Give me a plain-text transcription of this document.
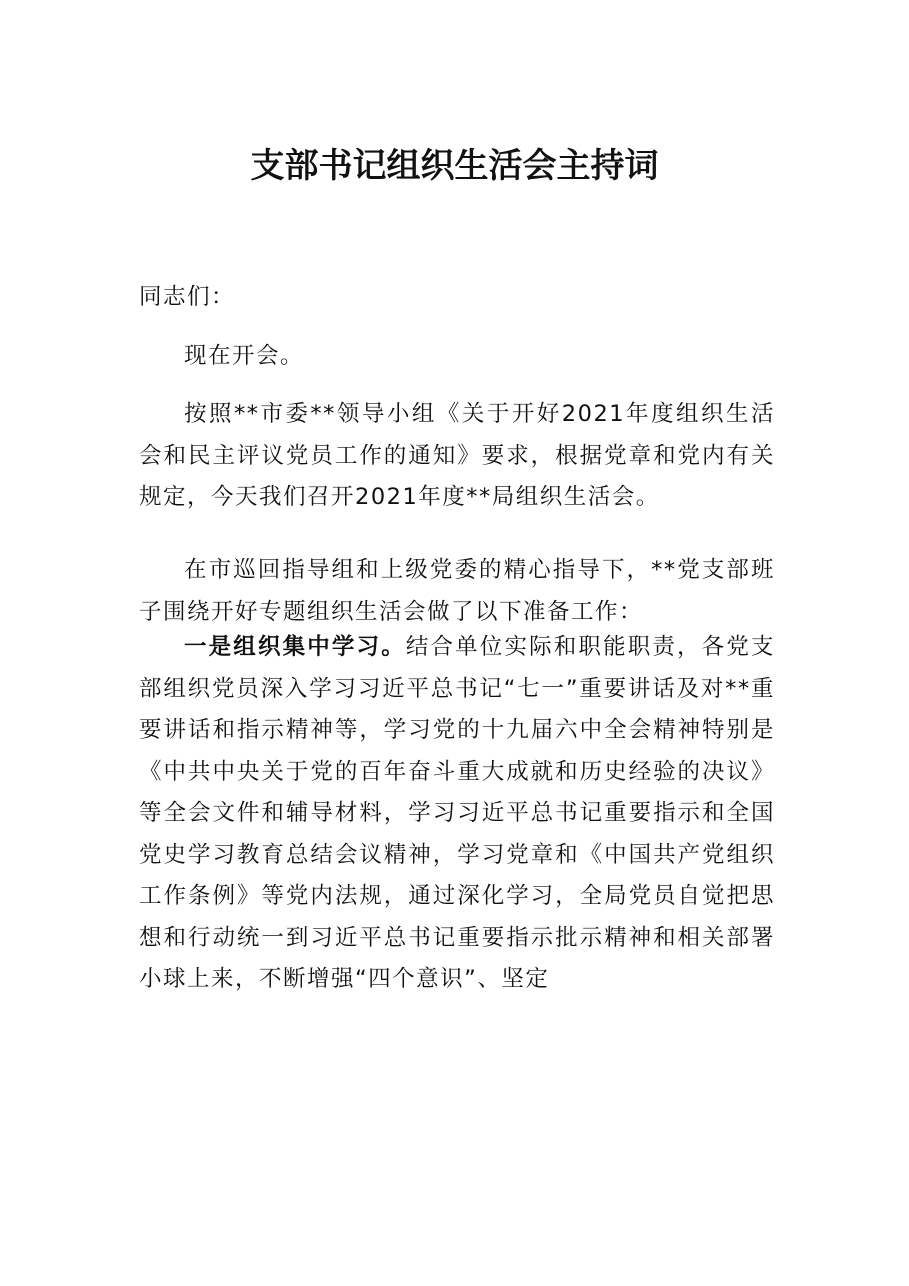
支部书记组织生活会主持词

同志们：

现在开会。

按照**市委**领导小组《关于开好2021年度组织生活会和民主评议党员工作的通知》要求，根据党章和党内有关规定，今天我们召开2021年度**局组织生活会。

在市巡回指导组和上级党委的精心指导下，**党支部班子围绕开好专题组织生活会做了以下准备工作：

一是组织集中学习。结合单位实际和职能职责，各党支部组织党员深入学习习近平总书记“七一”重要讲话及对**重要讲话和指示精神等，学习党的十九届六中全会精神特别是《中共中央关于党的百年奋斗重大成就和历史经验的决议》等全会文件和辅导材料，学习习近平总书记重要指示和全国党史学习教育总结会议精神，学习党章和《中国共产党组织工作条例》等党内法规，通过深化学习，全局党员自觉把思想和行动统一到习近平总书记重要指示批示精神和相关部署小球上来，不断增强“四个意识”、坚定
